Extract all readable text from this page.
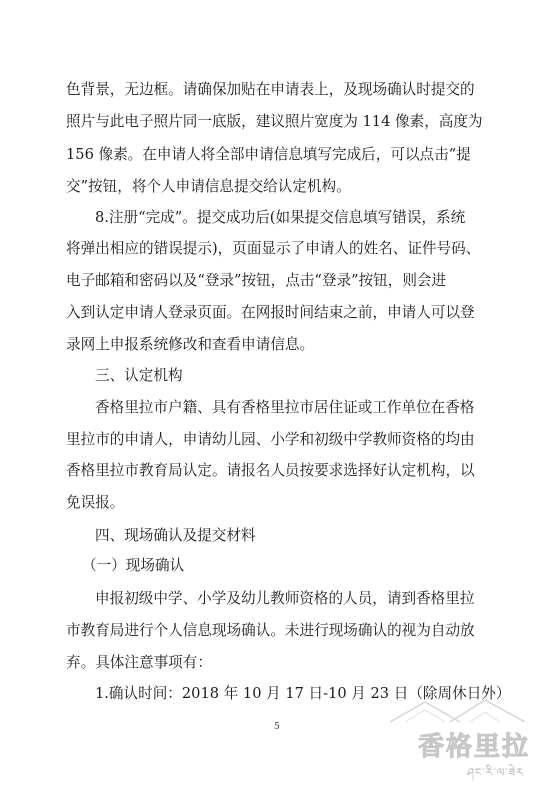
色背景，无边框。请确保加贴在申请表上，及现场确认时提交的
照片与此电子照片同一底版，建议照片宽度为 114 像素，高度为
156 像素。在申请人将全部申请信息填写完成后，可以点击“提
交”按钮，将个人申请信息提交给认定机构。
8.注册“完成”。提交成功后(如果提交信息填写错误，系统
将弹出相应的错误提示)，页面显示了申请人的姓名、证件号码、
电子邮箱和密码以及“登录”按钮，点击“登录”按钮，则会进
入到认定申请人登录页面。在网报时间结束之前，申请人可以登
录网上申报系统修改和查看申请信息。
三、认定机构
香格里拉市户籍、具有香格里拉市居住证或工作单位在香格
里拉市的申请人，申请幼儿园、小学和初级中学教师资格的均由
香格里拉市教育局认定。请报名人员按要求选择好认定机构，以
免误报。
四、现场确认及提交材料
（一）现场确认
申报初级中学、小学及幼儿教师资格的人员，请到香格里拉
市教育局进行个人信息现场确认。未进行现场确认的视为自动放
弃。具体注意事项有：
1.确认时间：2018 年 10 月 17 日-10 月 23 日（除周休日外）
5
香格里拉
ཤང་རི་ལ་ཟེར
